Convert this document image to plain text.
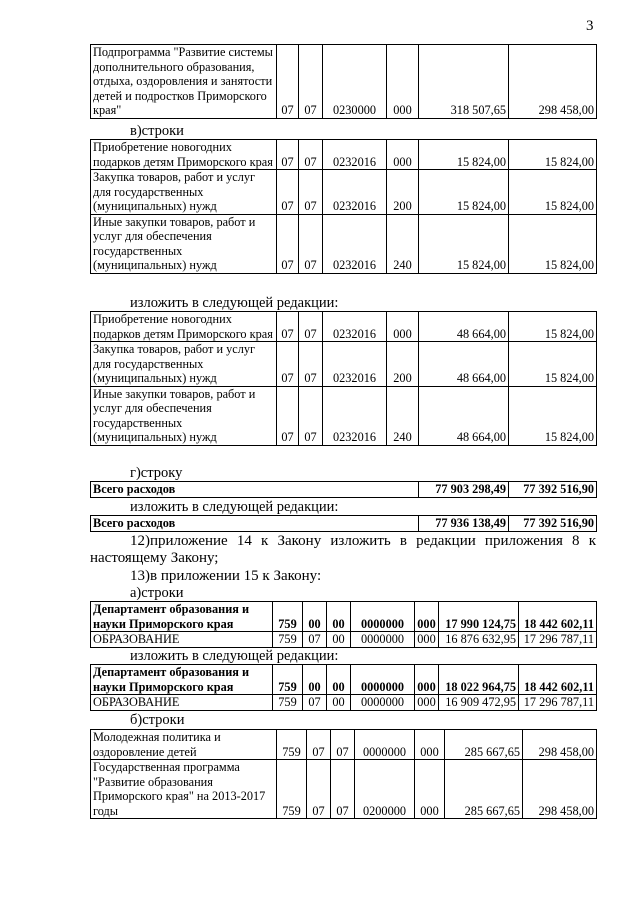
3
Подпрограмма "Развитие системы дополнительного образования, отдыха, оздоровления и занятости детей и подростков Приморского края"	07	07	0230000	000	318 507,65	298 458,00
в)строки
Приобретение новогодних подарков детям Приморского края	07	07	0232016	000	15 824,00	15 824,00
Закупка товаров, работ и услуг для государственных (муниципальных) нужд	07	07	0232016	200	15 824,00	15 824,00
Иные закупки товаров, работ и услуг для обеспечения государственных (муниципальных) нужд	07	07	0232016	240	15 824,00	15 824,00
изложить в следующей редакции:
Приобретение новогодних подарков детям Приморского края	07	07	0232016	000	48 664,00	15 824,00
Закупка товаров, работ и услуг для государственных (муниципальных) нужд	07	07	0232016	200	48 664,00	15 824,00
Иные закупки товаров, работ и услуг для обеспечения государственных (муниципальных) нужд	07	07	0232016	240	48 664,00	15 824,00
г)строку
Всего расходов	77 903 298,49	77 392 516,90
изложить в следующей редакции:
Всего расходов	77 936 138,49	77 392 516,90
12)приложение 14 к Закону изложить в редакции приложения 8 к настоящему Закону;
13)в приложении 15 к Закону:
а)строки
Департамент образования и науки Приморского края	759	00	00	0000000	000	17 990 124,75	18 442 602,11
ОБРАЗОВАНИЕ	759	07	00	0000000	000	16 876 632,95	17 296 787,11
изложить в следующей редакции:
Департамент образования и науки Приморского края	759	00	00	0000000	000	18 022 964,75	18 442 602,11
ОБРАЗОВАНИЕ	759	07	00	0000000	000	16 909 472,95	17 296 787,11
б)строки
Молодежная политика и оздоровление детей	759	07	07	0000000	000	285 667,65	298 458,00
Государственная программа "Развитие образования Приморского края" на 2013-2017 годы	759	07	07	0200000	000	285 667,65	298 458,00
